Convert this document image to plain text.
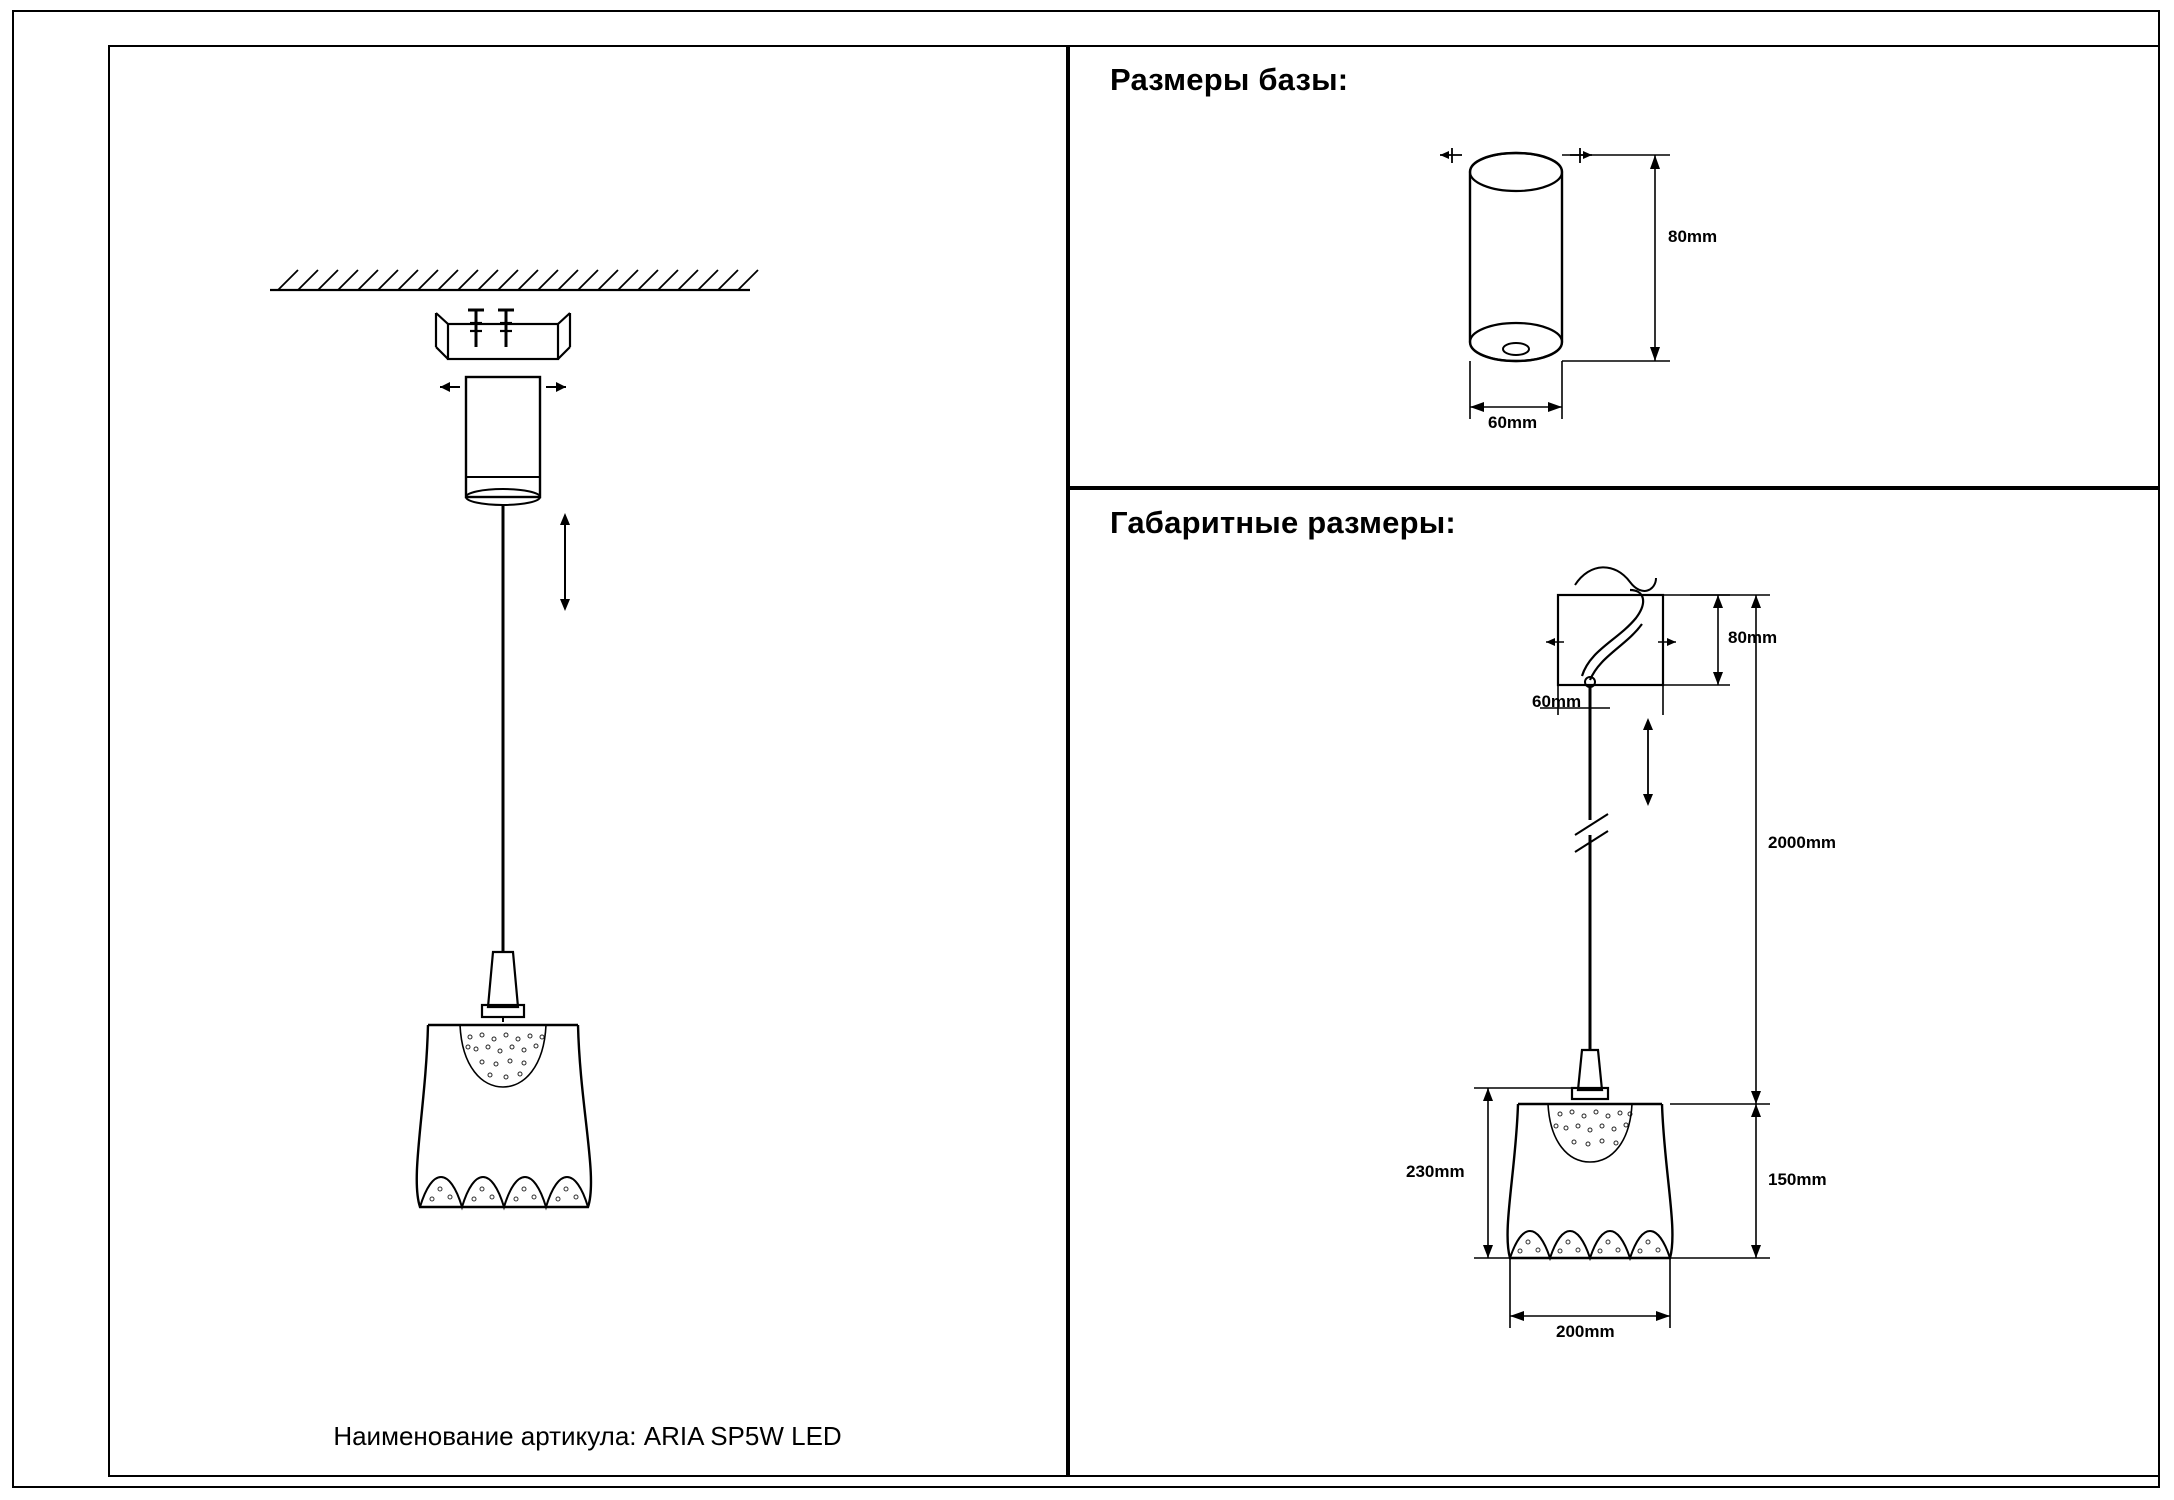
80mm
60mm
80mm
60mm
2000mm
150mm
230mm
200mm
Размеры базы:
Габаритные размеры:
Наименование артикула: ARIA SP5W LED
